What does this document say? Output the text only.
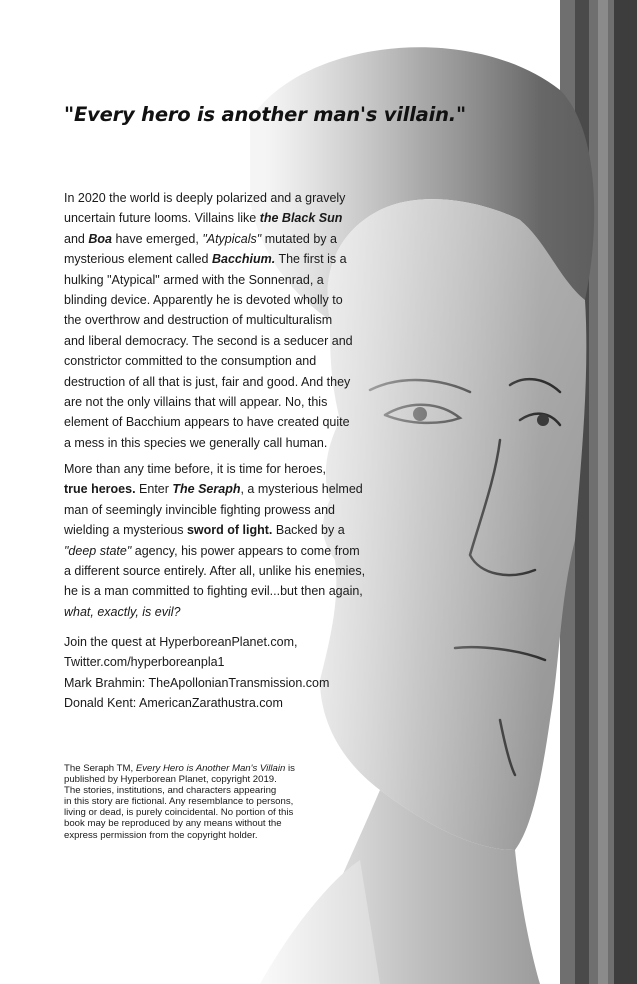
"Every hero is another man's villain."

In 2020 the world is deeply polarized and a gravely
uncertain future looms. Villains like the Black Sun
and Boa have emerged, "Atypicals" mutated by a
mysterious element called Bacchium. The first is a
hulking "Atypical" armed with the Sonnenrad, a
blinding device. Apparently he is devoted wholly to
the overthrow and destruction of multiculturalism
and liberal democracy. The second is a seducer and
constrictor committed to the consumption and
destruction of all that is just, fair and good. And they
are not the only villains that will appear. No, this
element of Bacchium appears to have created quite
a mess in this species we generally call human.

More than any time before, it is time for heroes,
true heroes. Enter The Seraph, a mysterious helmed
man of seemingly invincible fighting prowess and
wielding a mysterious sword of light. Backed by a
"deep state" agency, his power appears to come from
a different source entirely. After all, unlike his enemies,
he is a man committed to fighting evil...but then again,
what, exactly, is evil?

Join the quest at HyperboreanPlanet.com,
Twitter.com/hyperboreanpla1
Mark Brahmin: TheApollonianTransmission.com
Donald Kent: AmericanZarathustra.com

The Seraph TM, Every Hero is Another Man's Villain is
published by Hyperborean Planet, copyright 2019.
The stories, institutions, and characters appearing
in this story are fictional. Any resemblance to persons,
living or dead, is purely coincidental. No portion of this
book may be reproduced by any means without the
express permission from the copyright holder.
